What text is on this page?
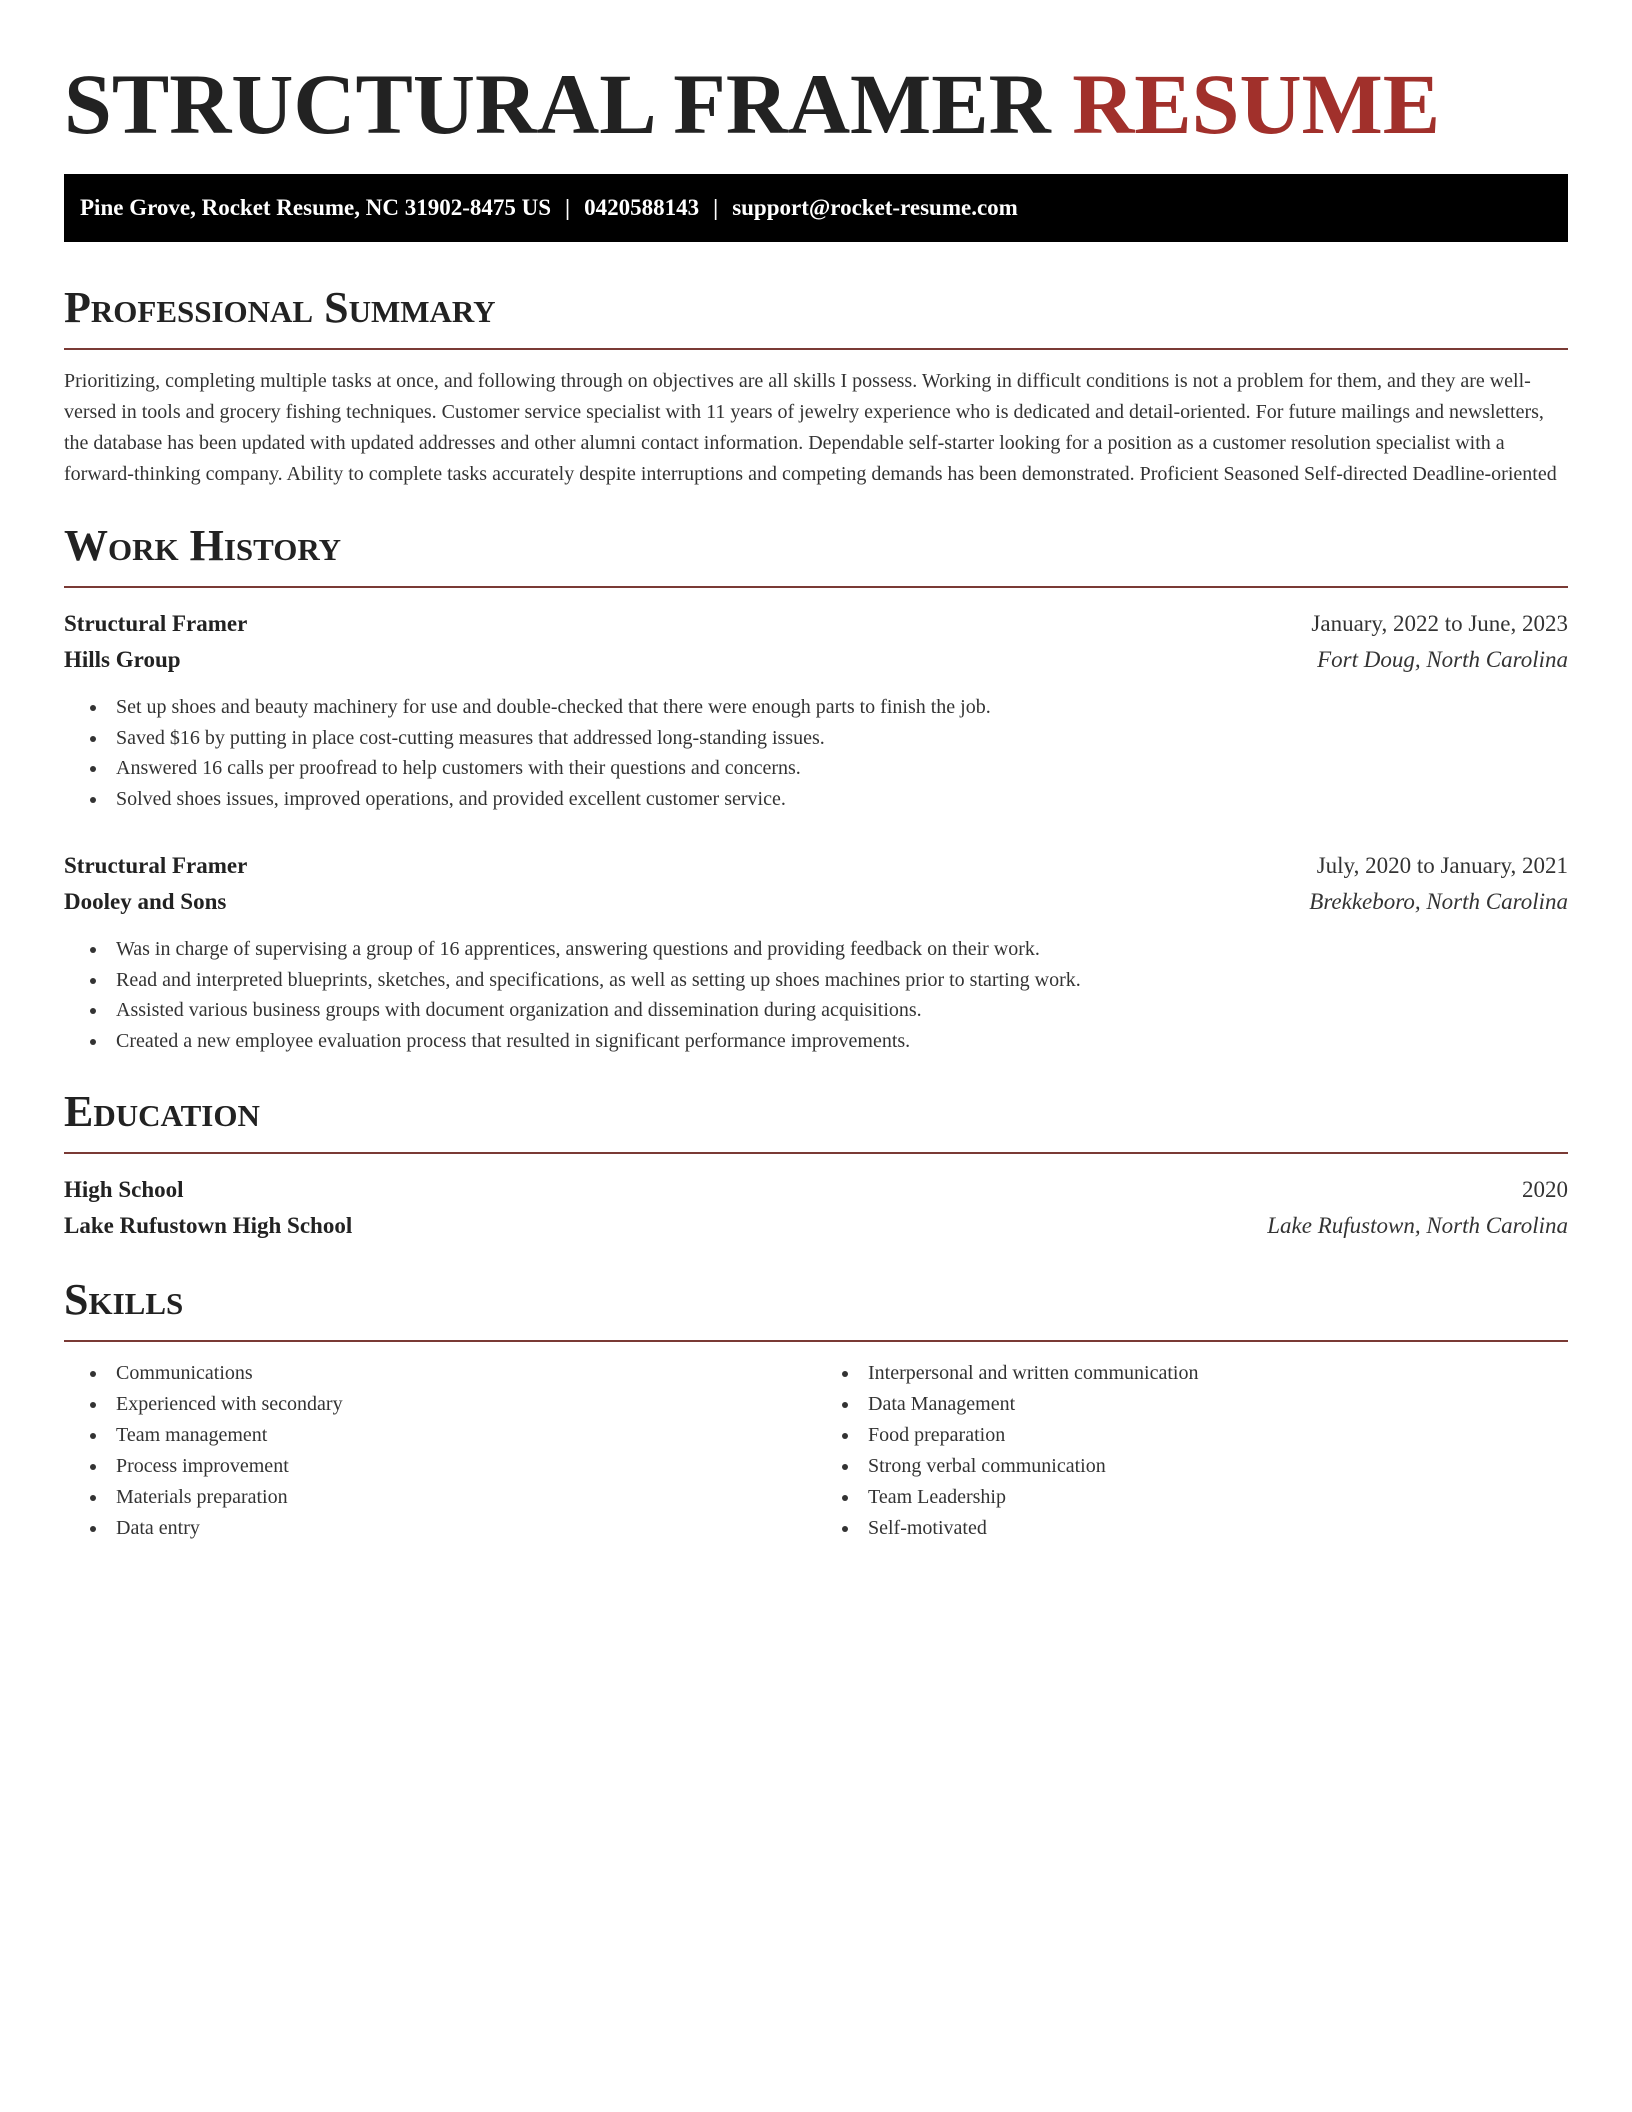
STRUCTURAL FRAMER RESUME
Pine Grove, Rocket Resume, NC 31902-8475 US | 0420588143 | support@rocket-resume.com
Professional Summary
Prioritizing, completing multiple tasks at once, and following through on objectives are all skills I possess. Working in difficult conditions is not a problem for them, and they are well-versed in tools and grocery fishing techniques. Customer service specialist with 11 years of jewelry experience who is dedicated and detail-oriented. For future mailings and newsletters, the database has been updated with updated addresses and other alumni contact information. Dependable self-starter looking for a position as a customer resolution specialist with a forward-thinking company. Ability to complete tasks accurately despite interruptions and competing demands has been demonstrated. Proficient Seasoned Self-directed Deadline-oriented
Work History
Structural Framer	January, 2022 to June, 2023
Hills Group	Fort Doug, North Carolina
• Set up shoes and beauty machinery for use and double-checked that there were enough parts to finish the job.
• Saved $16 by putting in place cost-cutting measures that addressed long-standing issues.
• Answered 16 calls per proofread to help customers with their questions and concerns.
• Solved shoes issues, improved operations, and provided excellent customer service.
Structural Framer	July, 2020 to January, 2021
Dooley and Sons	Brekkeboro, North Carolina
• Was in charge of supervising a group of 16 apprentices, answering questions and providing feedback on their work.
• Read and interpreted blueprints, sketches, and specifications, as well as setting up shoes machines prior to starting work.
• Assisted various business groups with document organization and dissemination during acquisitions.
• Created a new employee evaluation process that resulted in significant performance improvements.
Education
High School	2020
Lake Rufustown High School	Lake Rufustown, North Carolina
Skills
• Communications
• Experienced with secondary
• Team management
• Process improvement
• Materials preparation
• Data entry
• Interpersonal and written communication
• Data Management
• Food preparation
• Strong verbal communication
• Team Leadership
• Self-motivated
